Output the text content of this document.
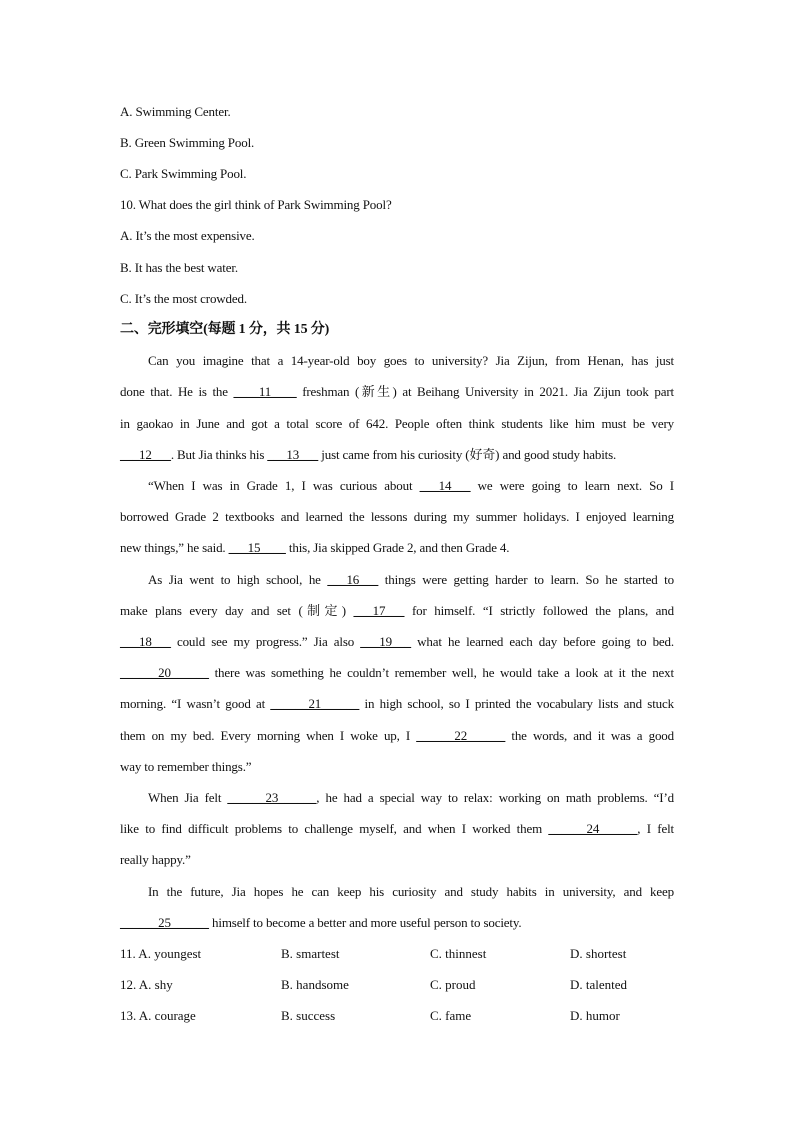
A. Swimming Center.
B. Green Swimming Pool.
C. Park Swimming Pool.
10. What does the girl think of Park Swimming Pool?
A. It’s the most expensive.
B. It has the best water.
C. It’s the most crowded.
二、完形填空(每题 1 分，共 15 分)
Can you imagine that a 14-year-old boy goes to university? Jia Zijun, from Henan, has just
done that. He is the ____11____ freshman (新生) at Beihang University in 2021. Jia Zijun took part
in gaokao in June and got a total score of 642. People often think students like him must be very
___12___. But Jia thinks his ___13___ just came from his curiosity (好奇) and good study habits.
“When I was in Grade 1, I was curious about ___14___ we were going to learn next. So I
borrowed Grade 2 textbooks and learned the lessons during my summer holidays. I enjoyed learning
new things,” he said. ___15____ this, Jia skipped Grade 2, and then Grade 4.
As Jia went to high school, he ___16___ things were getting harder to learn. So he started to
make plans every day and set (制定) ___17___ for himself. “I strictly followed the plans, and
___18___ could see my progress.” Jia also ___19___ what he learned each day before going to bed.
______20______ there was something he couldn’t remember well, he would take a look at it the next
morning. “I wasn’t good at ______21______ in high school, so I printed the vocabulary lists and stuck
them on my bed. Every morning when I woke up, I ______22______ the words, and it was a good
way to remember things.”
When Jia felt ______23______, he had a special way to relax: working on math problems. “I’d
like to find difficult problems to challenge myself, and when I worked them ______24______, I felt
really happy.”
In the future, Jia hopes he can keep his curiosity and study habits in university, and keep
______25______ himself to become a better and more useful person to society.
11. A. youngest	B. smartest	C. thinnest	D. shortest
12. A. shy	B. handsome	C. proud	D. talented
13. A. courage	B. success	C. fame	D. humor
